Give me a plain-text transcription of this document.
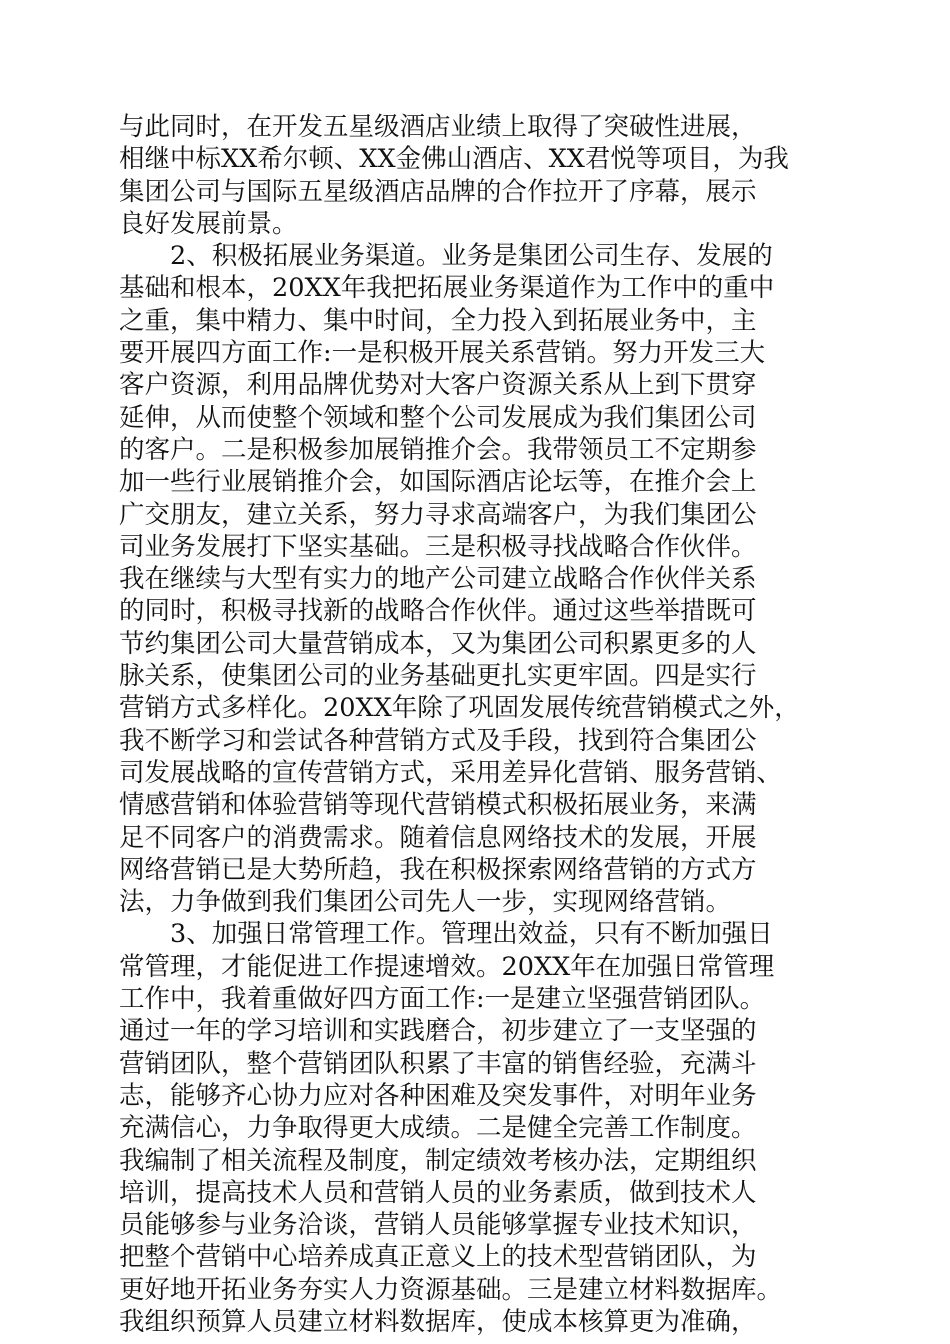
与此同时，在开发五星级酒店业绩上取得了突破性进展，
相继中标XX希尔顿、XX金佛山酒店、XX君悦等项目，为我
集团公司与国际五星级酒店品牌的合作拉开了序幕，展示
良好发展前景。
　　2、积极拓展业务渠道。业务是集团公司生存、发展的
基础和根本，20XX年我把拓展业务渠道作为工作中的重中
之重，集中精力、集中时间，全力投入到拓展业务中，主
要开展四方面工作:一是积极开展关系营销。努力开发三大
客户资源，利用品牌优势对大客户资源关系从上到下贯穿
延伸，从而使整个领域和整个公司发展成为我们集团公司
的客户。二是积极参加展销推介会。我带领员工不定期参
加一些行业展销推介会，如国际酒店论坛等，在推介会上
广交朋友，建立关系，努力寻求高端客户，为我们集团公
司业务发展打下坚实基础。三是积极寻找战略合作伙伴。
我在继续与大型有实力的地产公司建立战略合作伙伴关系
的同时，积极寻找新的战略合作伙伴。通过这些举措既可
节约集团公司大量营销成本，又为集团公司积累更多的人
脉关系，使集团公司的业务基础更扎实更牢固。四是实行
营销方式多样化。20XX年除了巩固发展传统营销模式之外，
我不断学习和尝试各种营销方式及手段，找到符合集团公
司发展战略的宣传营销方式，采用差异化营销、服务营销、
情感营销和体验营销等现代营销模式积极拓展业务，来满
足不同客户的消费需求。随着信息网络技术的发展，开展
网络营销已是大势所趋，我在积极探索网络营销的方式方
法，力争做到我们集团公司先人一步，实现网络营销。
　　3、加强日常管理工作。管理出效益，只有不断加强日
常管理，才能促进工作提速增效。20XX年在加强日常管理
工作中，我着重做好四方面工作:一是建立坚强营销团队。
通过一年的学习培训和实践磨合，初步建立了一支坚强的
营销团队，整个营销团队积累了丰富的销售经验，充满斗
志，能够齐心协力应对各种困难及突发事件，对明年业务
充满信心，力争取得更大成绩。二是健全完善工作制度。
我编制了相关流程及制度，制定绩效考核办法，定期组织
培训，提高技术人员和营销人员的业务素质，做到技术人
员能够参与业务洽谈，营销人员能够掌握专业技术知识，
把整个营销中心培养成真正意义上的技术型营销团队，为
更好地开拓业务夯实人力资源基础。三是建立材料数据库。
我组织预算人员建立材料数据库，使成本核算更为准确，
